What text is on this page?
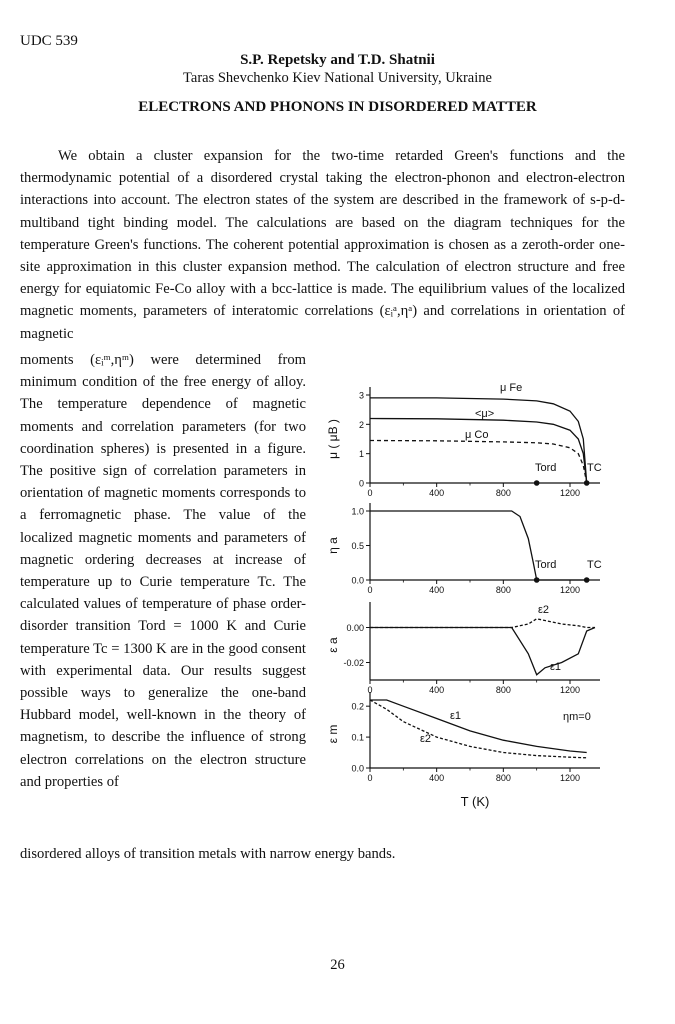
UDC 539
S.P. Repetsky and T.D. Shatnii
Taras Shevchenko Kiev National University, Ukraine
ELECTRONS AND PHONONS IN DISORDERED MATTER

We obtain a cluster expansion for the two-time retarded Green's functions and the thermodynamic potential of a disordered crystal taking the electron-phonon and electron-electron interactions into account. The electron states of the system are described in the framework of s-p-d-multiband tight binding model. The calculations are based on the diagram techniques for the temperature Green's functions. The coherent potential approximation is chosen as a zeroth-order one-site approximation in this cluster expansion method. The calculation of electron structure and free energy for equiatomic Fe-Co alloy with a bcc-lattice is made. The equilibrium values of the localized magnetic moments, parameters of interatomic correlations (εᵢᵃ,ηᵃ) and correlations in orientation of magnetic

moments (εᵢᵐ,ηᵐ) were determined from minimum condition of the free energy of alloy. The temperature dependence of magnetic moments and correlation parameters (for two coordination spheres) is presented in a figure. The positive sign of correlation parameters in orientation of magnetic moments corresponds to a ferromagnetic phase. The value of the localized magnetic moments and parameters of magnetic ordering decreases at increase of temperature up to Curie temperature Tc. The calculated values of temperature of phase order-disorder transition Tord = 1000 K and Curie temperature Tc = 1300 K are in the good consent with experimental data. Our results suggest possible ways to generalize the one-band Hubbard model, well-known in the theory of magnetism, to describe the influence of strong electron correlations on the electron structure and properties of

disordered alloys of transition metals with narrow energy bands.
0
1
2
3
0	400	800	1200
μ ( μB )
μ Fe
<μ>
μ Co
Tord	TC
0.0
0.5
1.0
0	400	800	1200
η a
Tord	TC
-0.02
0.00
0	400	800	1200
ε a
ε2
ε1
0.0
0.1
0.2
0	400	800	1200
ε m
ε1
ε2
ηm=0
T (K)
26
